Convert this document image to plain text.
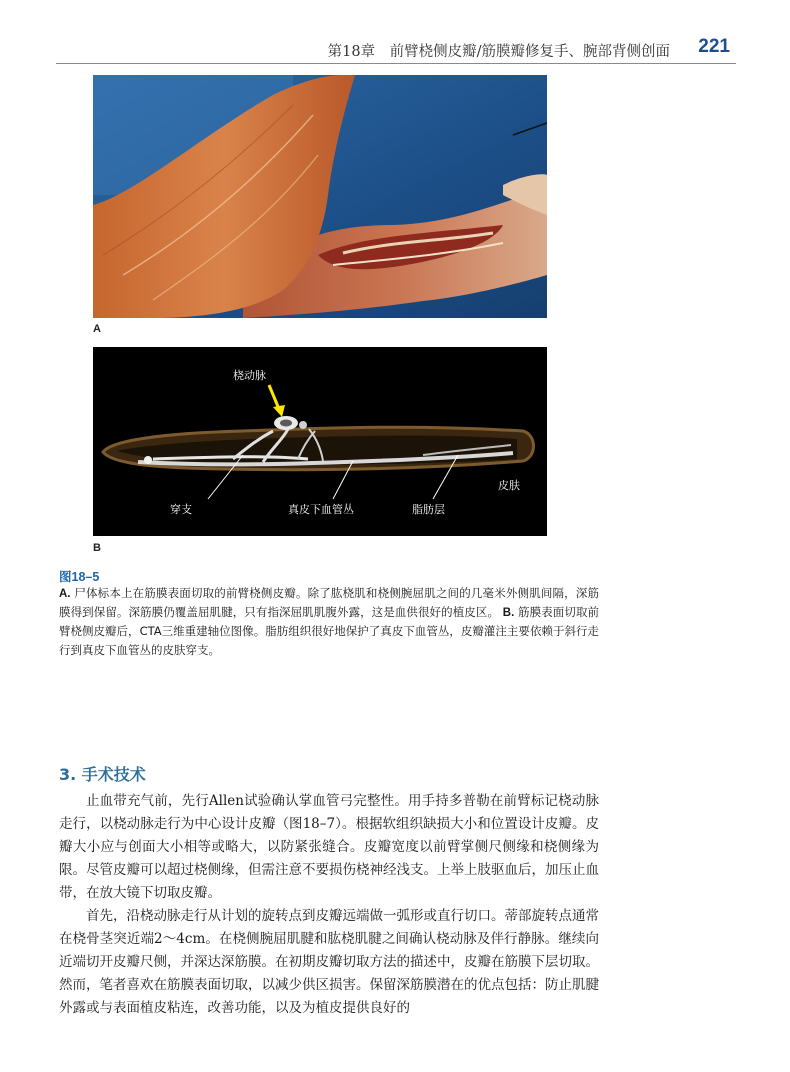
第18章　前臂桡侧皮瓣/筋膜瓣修复手、腕部背侧创面 221
A
桡动脉
穿支	真皮下血管丛	脂肪层
皮肤
B
图18–5
A. 尸体标本上在筋膜表面切取的前臂桡侧皮瓣。除了肱桡肌和桡侧腕屈肌之间的几毫米外侧肌间隔，深筋膜得到保留。深筋膜仍覆盖屈肌腱，只有指深屈肌肌腹外露，这是血供很好的植皮区。 B. 筋膜表面切取前臂桡侧皮瓣后，CTA三维重建轴位图像。脂肪组织很好地保护了真皮下血管丛，皮瓣灌注主要依赖于斜行走行到真皮下血管丛的皮肤穿支。
3. 手术技术

止血带充气前，先行Allen试验确认掌血管弓完整性。用手持多普勒在前臂标记桡动脉走行，以桡动脉走行为中心设计皮瓣（图18–7）。根据软组织缺损大小和位置设计皮瓣。皮瓣大小应与创面大小相等或略大，以防紧张缝合。皮瓣宽度以前臂掌侧尺侧缘和桡侧缘为限。尽管皮瓣可以超过桡侧缘，但需注意不要损伤桡神经浅支。上举上肢驱血后，加压止血带，在放大镜下切取皮瓣。

首先，沿桡动脉走行从计划的旋转点到皮瓣远端做一弧形或直行切口。蒂部旋转点通常在桡骨茎突近端2～4cm。在桡侧腕屈肌腱和肱桡肌腱之间确认桡动脉及伴行静脉。继续向近端切开皮瓣尺侧，并深达深筋膜。在初期皮瓣切取方法的描述中，皮瓣在筋膜下层切取。然而，笔者喜欢在筋膜表面切取，以减少供区损害。保留深筋膜潜在的优点包括：防止肌腱外露或与表面植皮粘连，改善功能，以及为植皮提供良好的
